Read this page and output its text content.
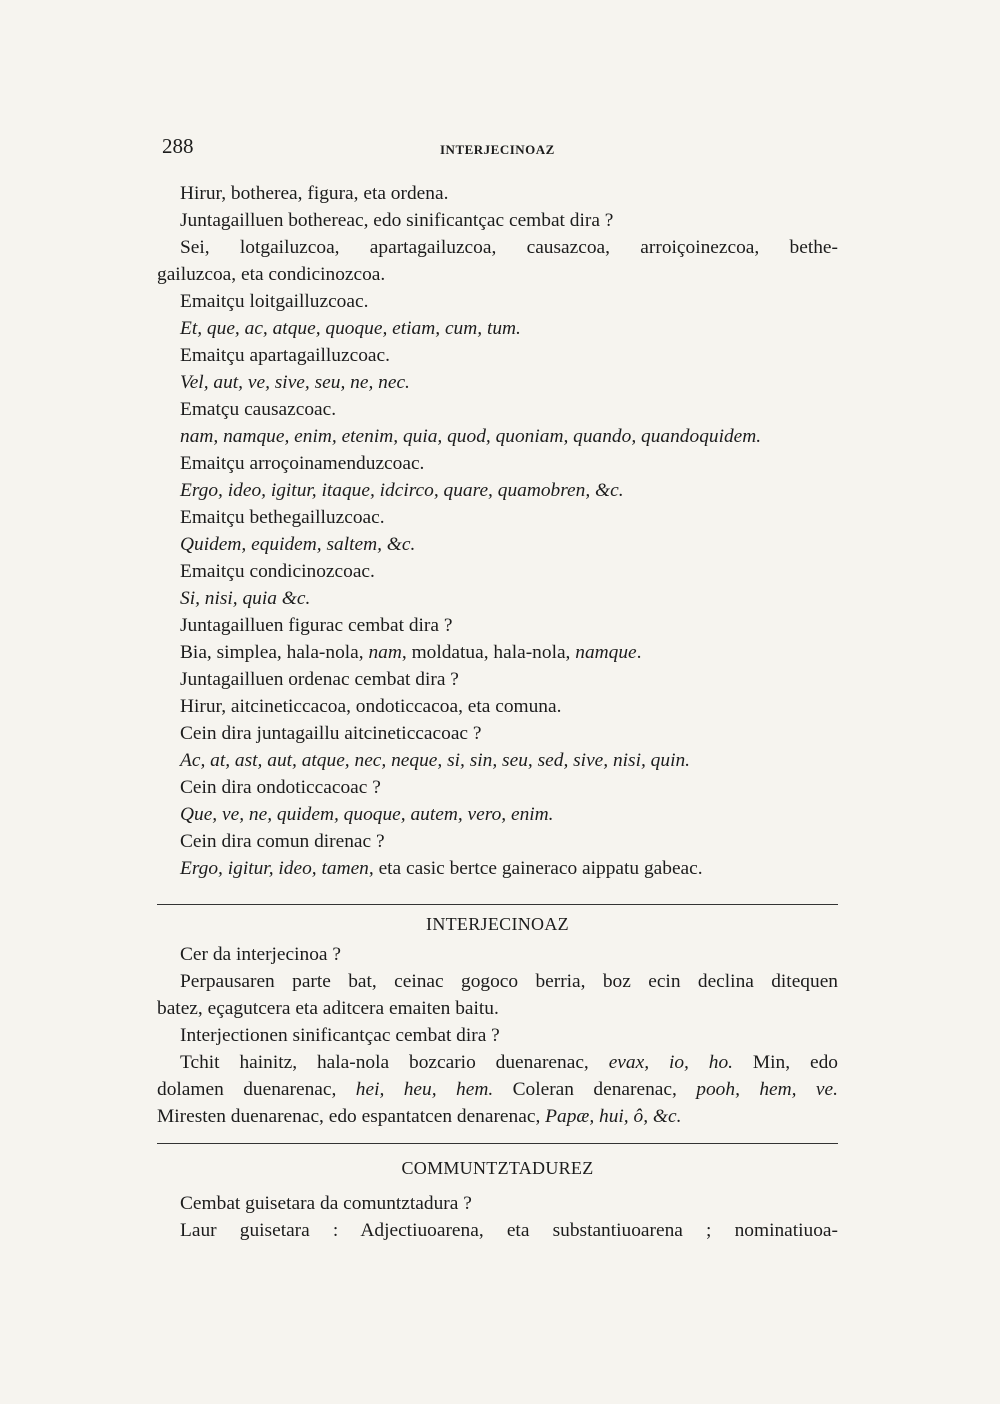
288	INTERJECINOAZ
Hirur, botherea, figura, eta ordena.
Juntagailluen bothereac, edo sinificantçac cembat dira ?
Sei, lotgailuzcoa, apartagailuzcoa, causazcoa, arroiçoinezcoa, bethe-
gailuzcoa, eta condicinozcoa.
Emaitçu loitgailluzcoac.
Et, que, ac, atque, quoque, etiam, cum, tum.
Emaitçu apartagailluzcoac.
Vel, aut, ve, sive, seu, ne, nec.
Ematçu causazcoac.
nam, namque, enim, etenim, quia, quod, quoniam, quando, quandoquidem.
Emaitçu arroçoinamenduzcoac.
Ergo, ideo, igitur, itaque, idcirco, quare, quamobren, &c.
Emaitçu bethegailluzcoac.
Quidem, equidem, saltem, &c.
Emaitçu condicinozcoac.
Si, nisi, quia &c.
Juntagailluen figurac cembat dira ?
Bia, simplea, hala-nola, nam, moldatua, hala-nola, namque.
Juntagailluen ordenac cembat dira ?
Hirur, aitcineticcacoa, ondoticcacoa, eta comuna.
Cein dira juntagaillu aitcineticcacoac ?
Ac, at, ast, aut, atque, nec, neque, si, sin, seu, sed, sive, nisi, quin.
Cein dira ondoticcacoac ?
Que, ve, ne, quidem, quoque, autem, vero, enim.
Cein dira comun direnac ?
Ergo, igitur, ideo, tamen, eta casic bertce gaineraco aippatu gabeac.
INTERJECINOAZ
Cer da interjecinoa ?
Perpausaren parte bat, ceinac gogoco berria, boz ecin declina ditequen
batez, eçagutcera eta aditcera emaiten baitu.
Interjectionen sinificantçac cembat dira ?
Tchit hainitz, hala-nola bozcario duenarenac, evax, io, ho. Min, edo
dolamen duenarenac, hei, heu, hem. Coleran denarenac, pooh, hem, ve.
Miresten duenarenac, edo espantatcen denarenac, Papæ, hui, ô, &c.
COMMUNTZTADUREZ
Cembat guisetara da comuntztadura ?
Laur guisetara : Adjectiuoarena, eta substantiuoarena ; nominatiuoa-
